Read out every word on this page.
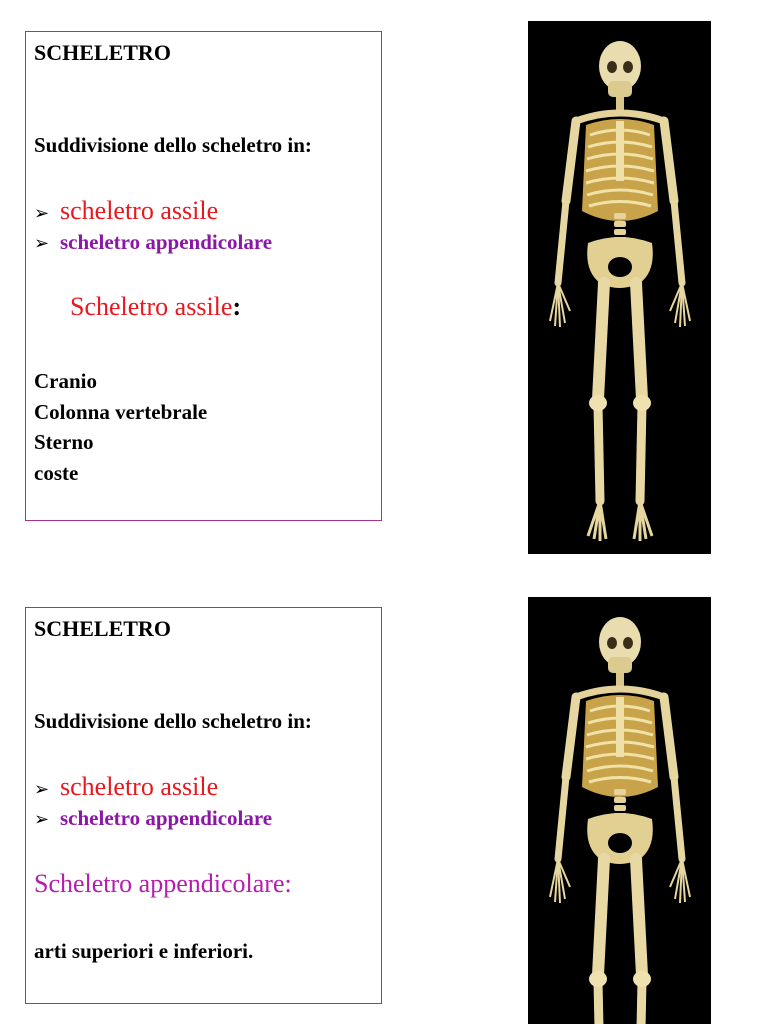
SCHELETRO
Suddivisione dello scheletro in:
➢ scheletro assile
➢ scheletro appendicolare
Scheletro assile:
Cranio
Colonna vertebrale
Sterno
coste
SCHELETRO
Suddivisione dello scheletro in:
➢ scheletro assile
➢ scheletro appendicolare
Scheletro appendicolare:
arti superiori e inferiori.
